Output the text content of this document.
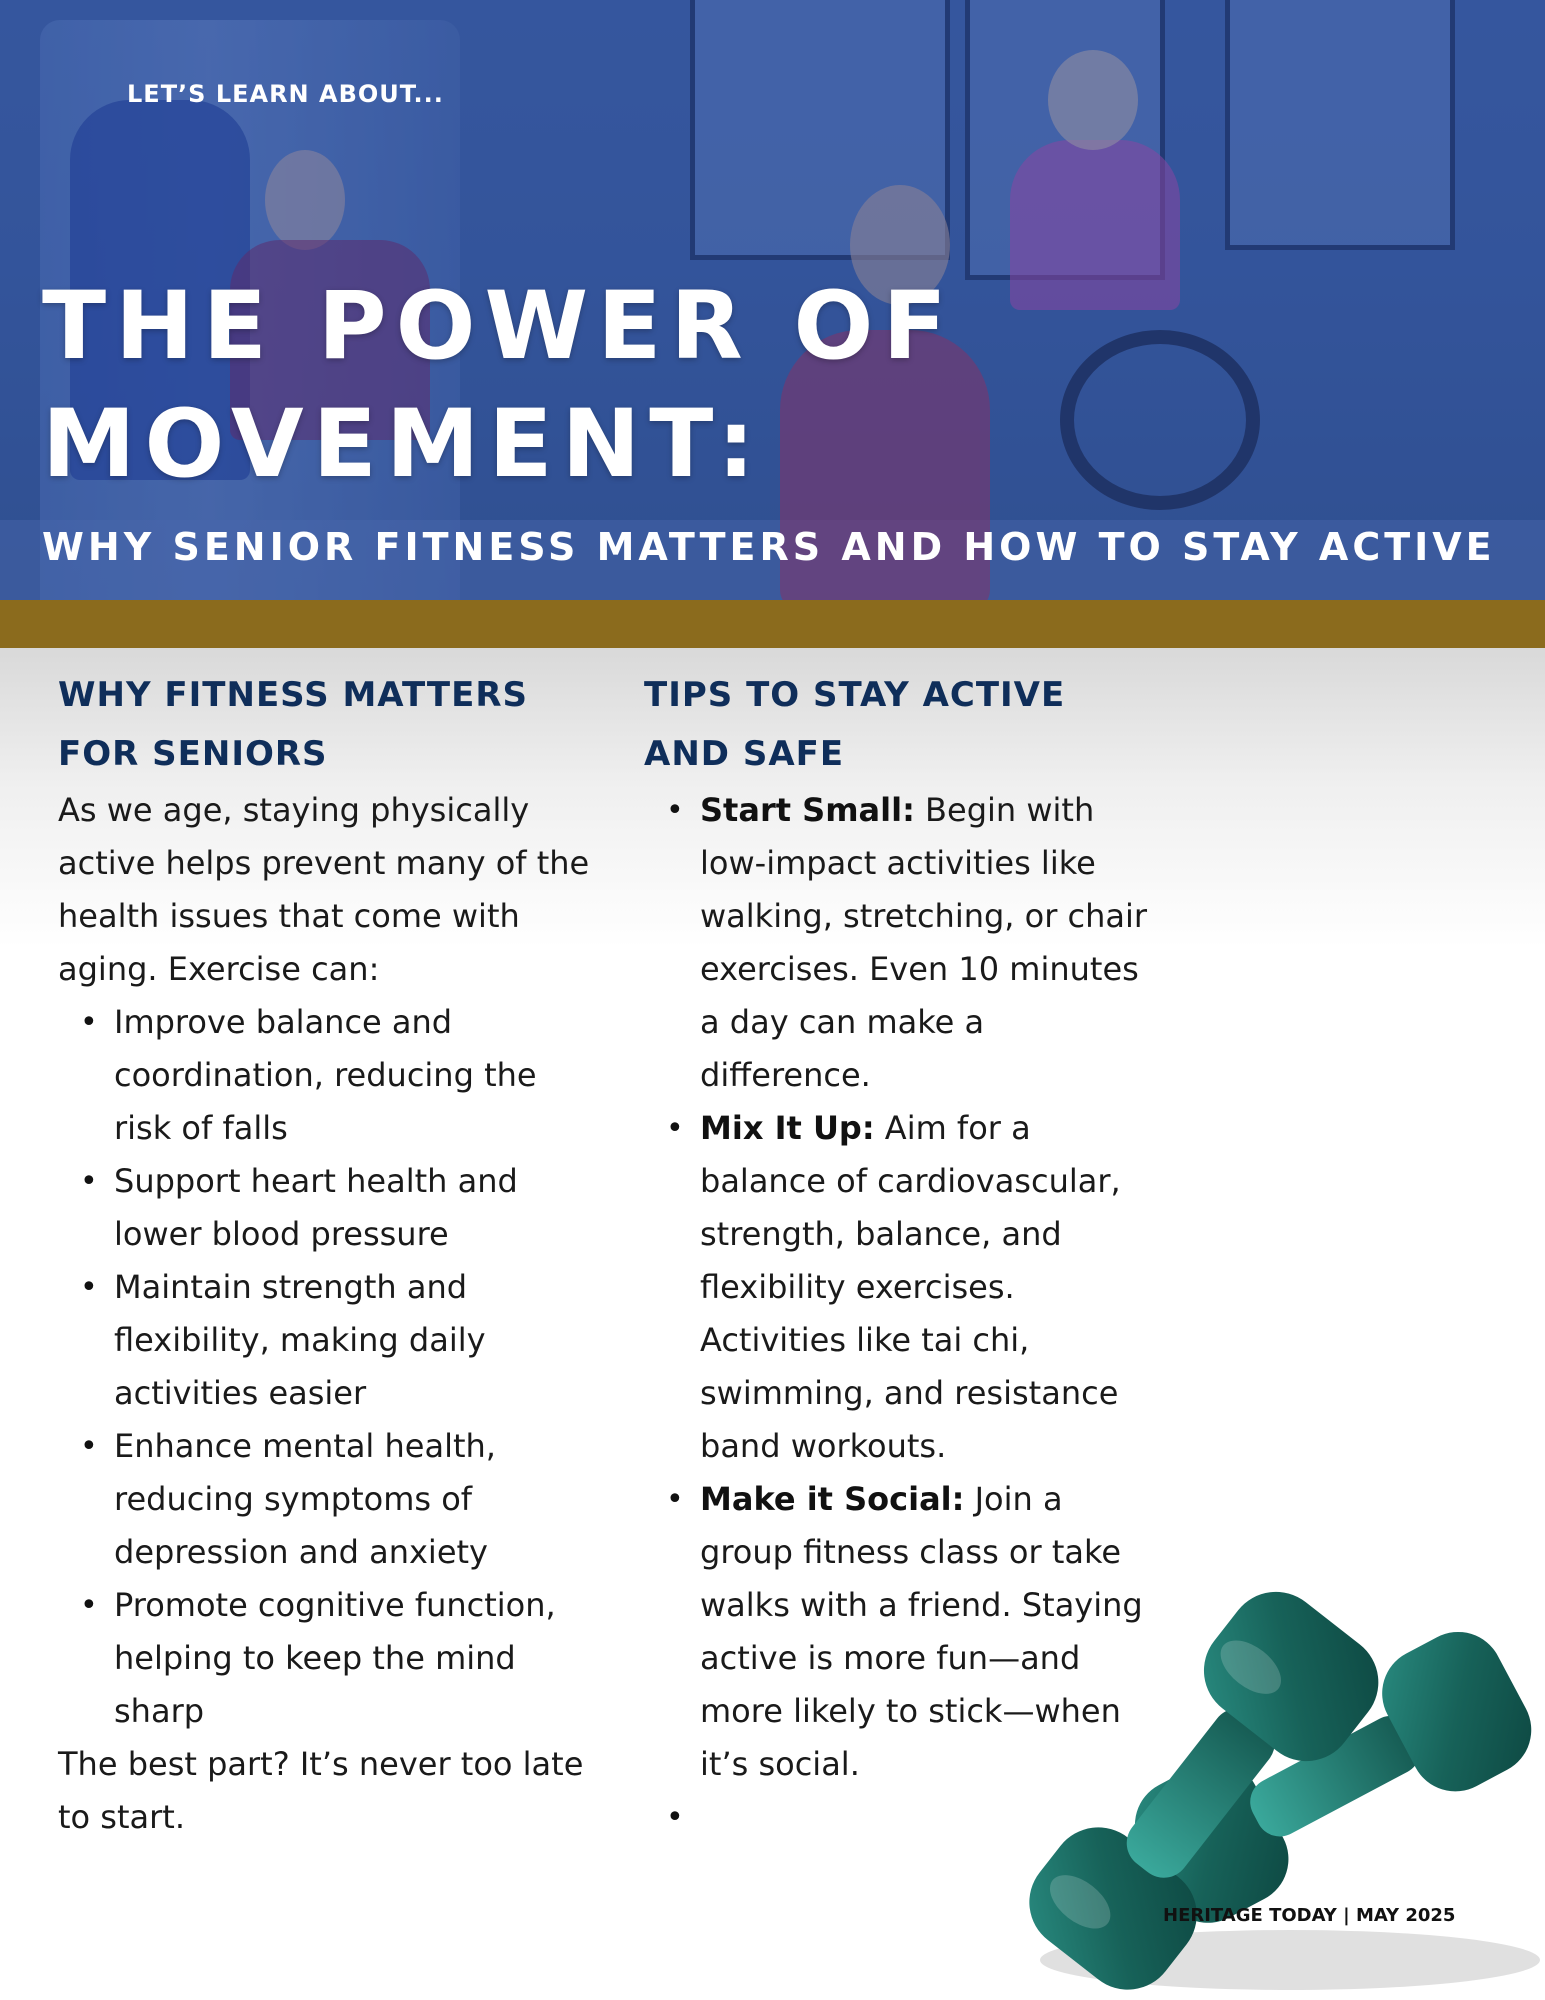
LET’S LEARN ABOUT...
THE POWER OF
MOVEMENT:
WHY SENIOR FITNESS MATTERS AND HOW TO STAY ACTIVE
WHY FITNESS MATTERS FOR SENIORS

As we age, staying physically active helps prevent many of the health issues that come with aging. Exercise can:

• Improve balance and coordination, reducing the risk of falls
• Support heart health and lower blood pressure
• Maintain strength and flexibility, making daily activities easier
• Enhance mental health, reducing symptoms of depression and anxiety
• Promote cognitive function, helping to keep the mind sharp

The best part? It’s never too late to start.

TIPS TO STAY ACTIVE AND SAFE
• Start Small: Begin with low-impact activities like walking, stretching, or chair exercises. Even 10 minutes a day can make a difference.
• Mix It Up: Aim for a balance of cardiovascular, strength, balance, and flexibility exercises. Activities like tai chi, swimming, and resistance band workouts.
• Make it Social: Join a group fitness class or take walks with a friend. Staying active is more fun—and more likely to stick—when it’s social.
•
HERITAGE TODAY | MAY 2025
